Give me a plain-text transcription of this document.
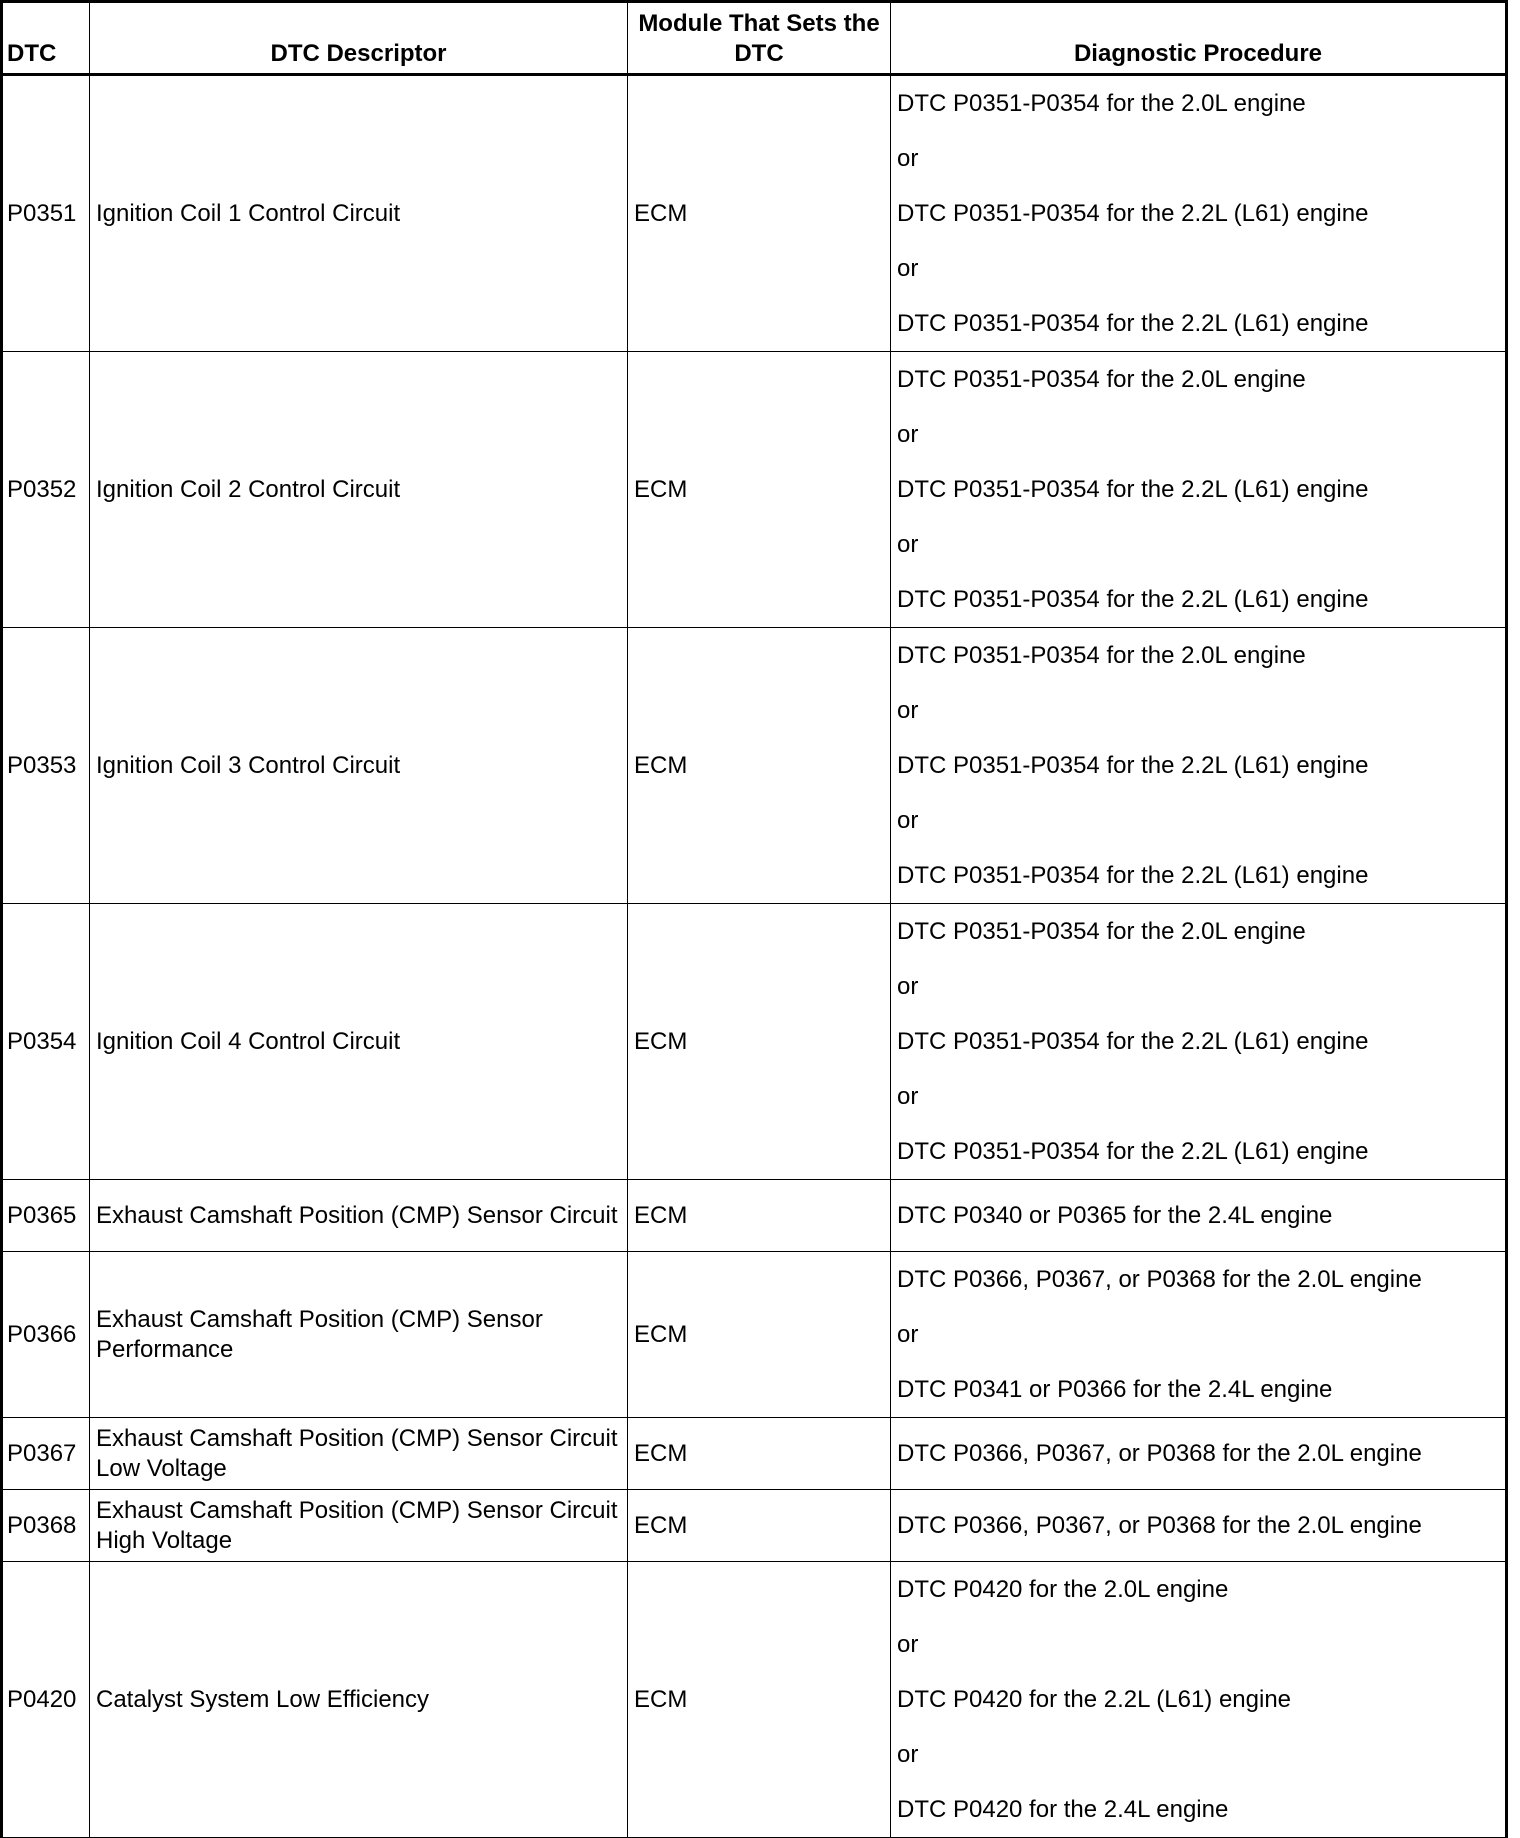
DTC	DTC Descriptor	Module That Sets the DTC	Diagnostic Procedure
P0351	Ignition Coil 1 Control Circuit	ECM	DTC P0351-P0354 for the 2.0L engine
or
DTC P0351-P0354 for the 2.2L (L61) engine
or
DTC P0351-P0354 for the 2.2L (L61) engine

P0352	Ignition Coil 2 Control Circuit	ECM	DTC P0351-P0354 for the 2.0L engine
or
DTC P0351-P0354 for the 2.2L (L61) engine
or
DTC P0351-P0354 for the 2.2L (L61) engine

P0353	Ignition Coil 3 Control Circuit	ECM	DTC P0351-P0354 for the 2.0L engine
or
DTC P0351-P0354 for the 2.2L (L61) engine
or
DTC P0351-P0354 for the 2.2L (L61) engine

P0354	Ignition Coil 4 Control Circuit	ECM	DTC P0351-P0354 for the 2.0L engine
or
DTC P0351-P0354 for the 2.2L (L61) engine
or
DTC P0351-P0354 for the 2.2L (L61) engine

P0365	Exhaust Camshaft Position (CMP) Sensor Circuit	ECM	DTC P0340 or P0365 for the 2.4L engine

P0366	Exhaust Camshaft Position (CMP) Sensor Performance	ECM	DTC P0366, P0367, or P0368 for the 2.0L engine
or
DTC P0341 or P0366 for the 2.4L engine

P0367	Exhaust Camshaft Position (CMP) Sensor Circuit Low Voltage	ECM	DTC P0366, P0367, or P0368 for the 2.0L engine

P0368	Exhaust Camshaft Position (CMP) Sensor Circuit High Voltage	ECM	DTC P0366, P0367, or P0368 for the 2.0L engine

P0420	Catalyst System Low Efficiency	ECM	DTC P0420 for the 2.0L engine
or
DTC P0420 for the 2.2L (L61) engine
or
DTC P0420 for the 2.4L engine
